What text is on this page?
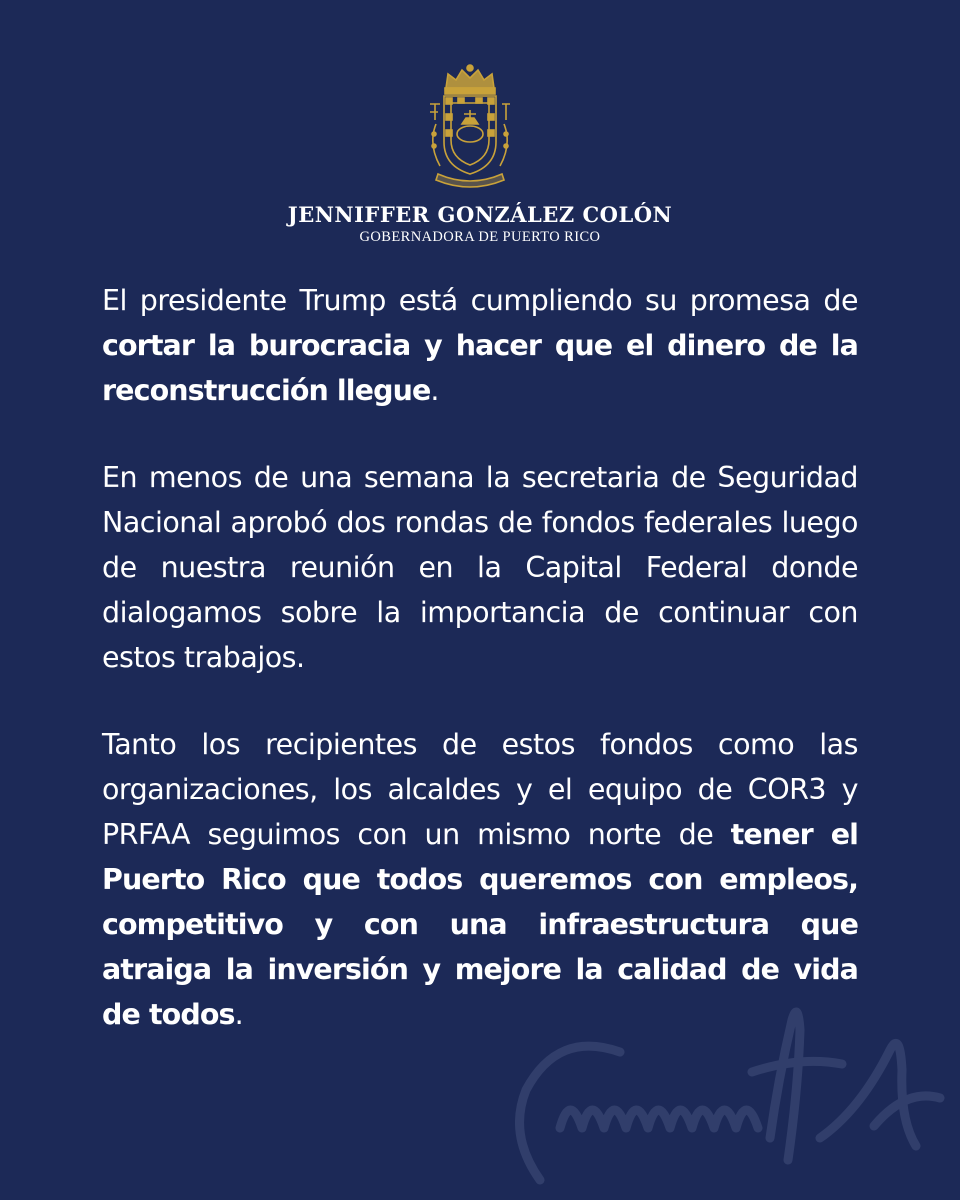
JENNIFFER GONZÁLEZ COLÓN
GOBERNADORA DE PUERTO RICO

El presidente Trump está cumpliendo su promesa de cortar la burocracia y hacer que el dinero de la reconstrucción llegue.

En menos de una semana la secretaria de Seguridad Nacional aprobó dos rondas de fondos federales luego de nuestra reunión en la Capital Federal donde dialogamos sobre la importancia de continuar con estos trabajos.

Tanto los recipientes de estos fondos como las organizaciones, los alcaldes y el equipo de COR3 y PRFAA seguimos con un mismo norte de tener el Puerto Rico que todos queremos con empleos, competitivo y con una infraestructura que atraiga la inversión y mejore la calidad de vida de todos.
